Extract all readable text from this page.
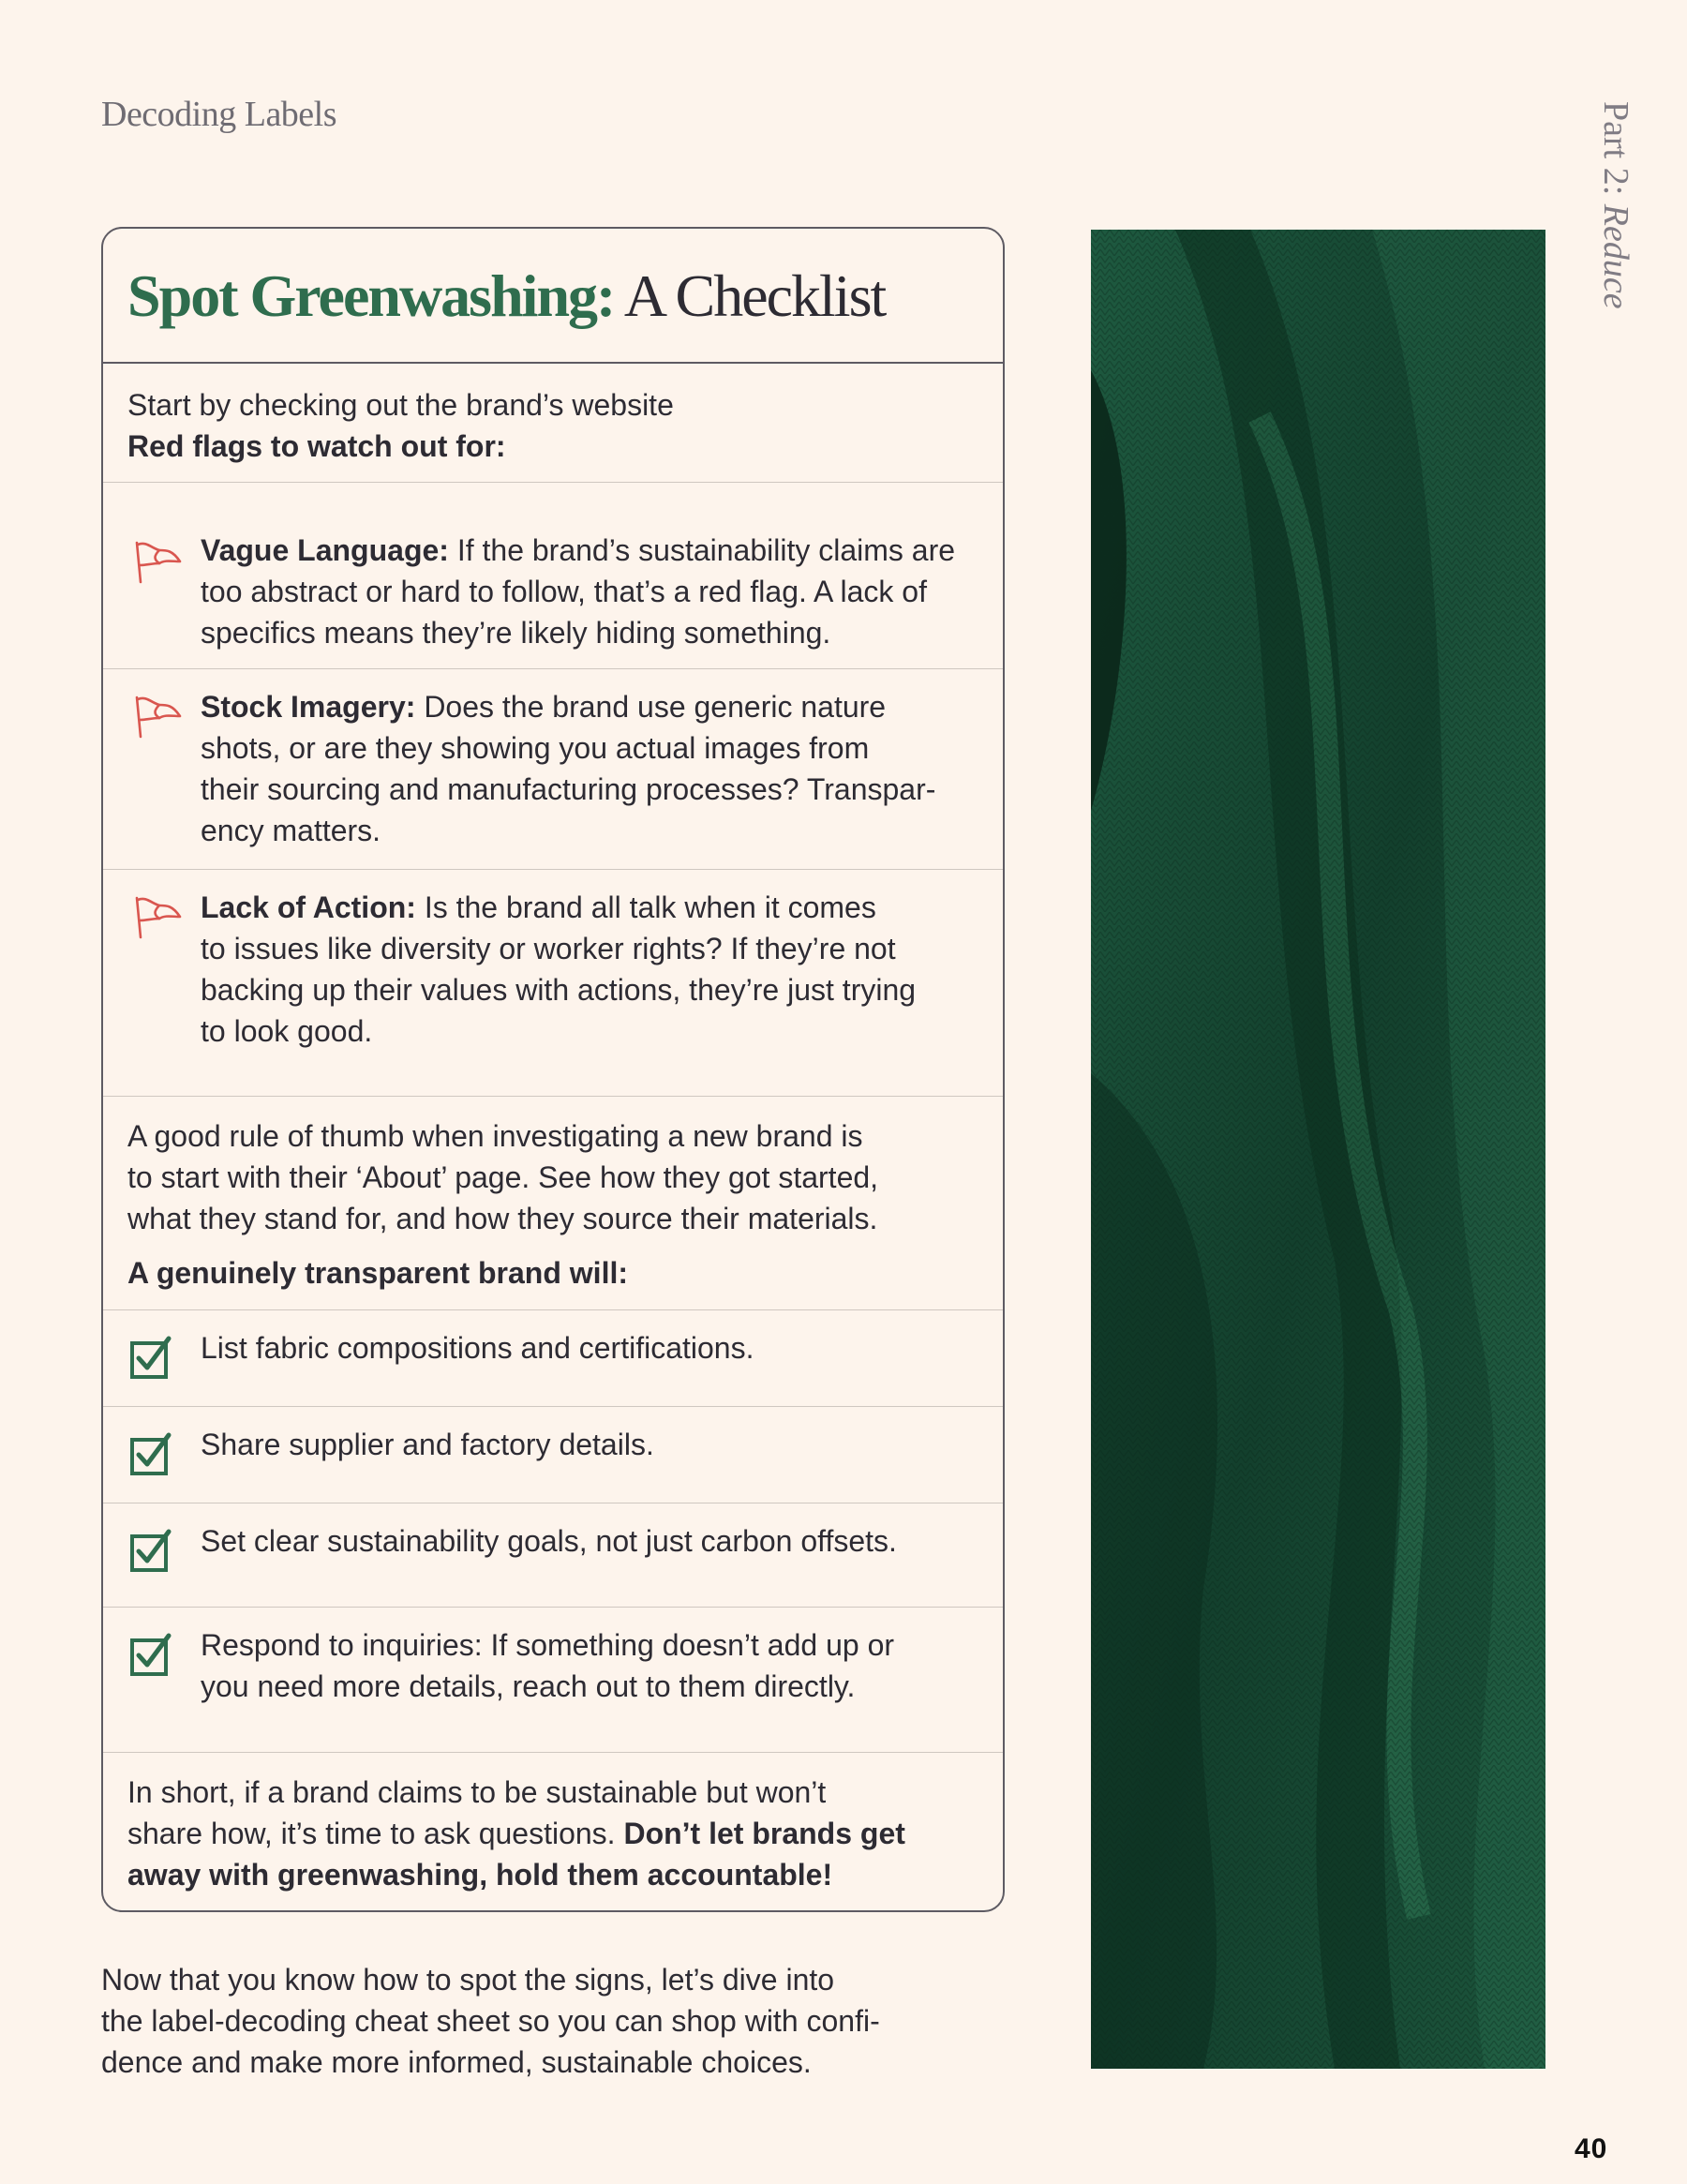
Decoding Labels	Part 2: Reduce
Spot Greenwashing: A Checklist
Start by checking out the brand’s website
Red flags to watch out for:
Vague Language: If the brand’s sustainability claims are
too abstract or hard to follow, that’s a red flag. A lack of
specifics means they’re likely hiding something.
Stock Imagery: Does the brand use generic nature
shots, or are they showing you actual images from
their sourcing and manufacturing processes? Transpar-
ency matters.
Lack of Action: Is the brand all talk when it comes
to issues like diversity or worker rights? If they’re not
backing up their values with actions, they’re just trying
to look good.
A good rule of thumb when investigating a new brand is
to start with their ‘About’ page. See how they got started,
what they stand for, and how they source their materials.
A genuinely transparent brand will:
List fabric compositions and certifications.
Share supplier and factory details.
Set clear sustainability goals, not just carbon offsets.
Respond to inquiries: If something doesn’t add up or
you need more details, reach out to them directly.
In short, if a brand claims to be sustainable but won’t
share how, it’s time to ask questions. Don’t let brands get
away with greenwashing, hold them accountable!
Now that you know how to spot the signs, let’s dive into
the label-decoding cheat sheet so you can shop with confi-
dence and make more informed, sustainable choices.
40
